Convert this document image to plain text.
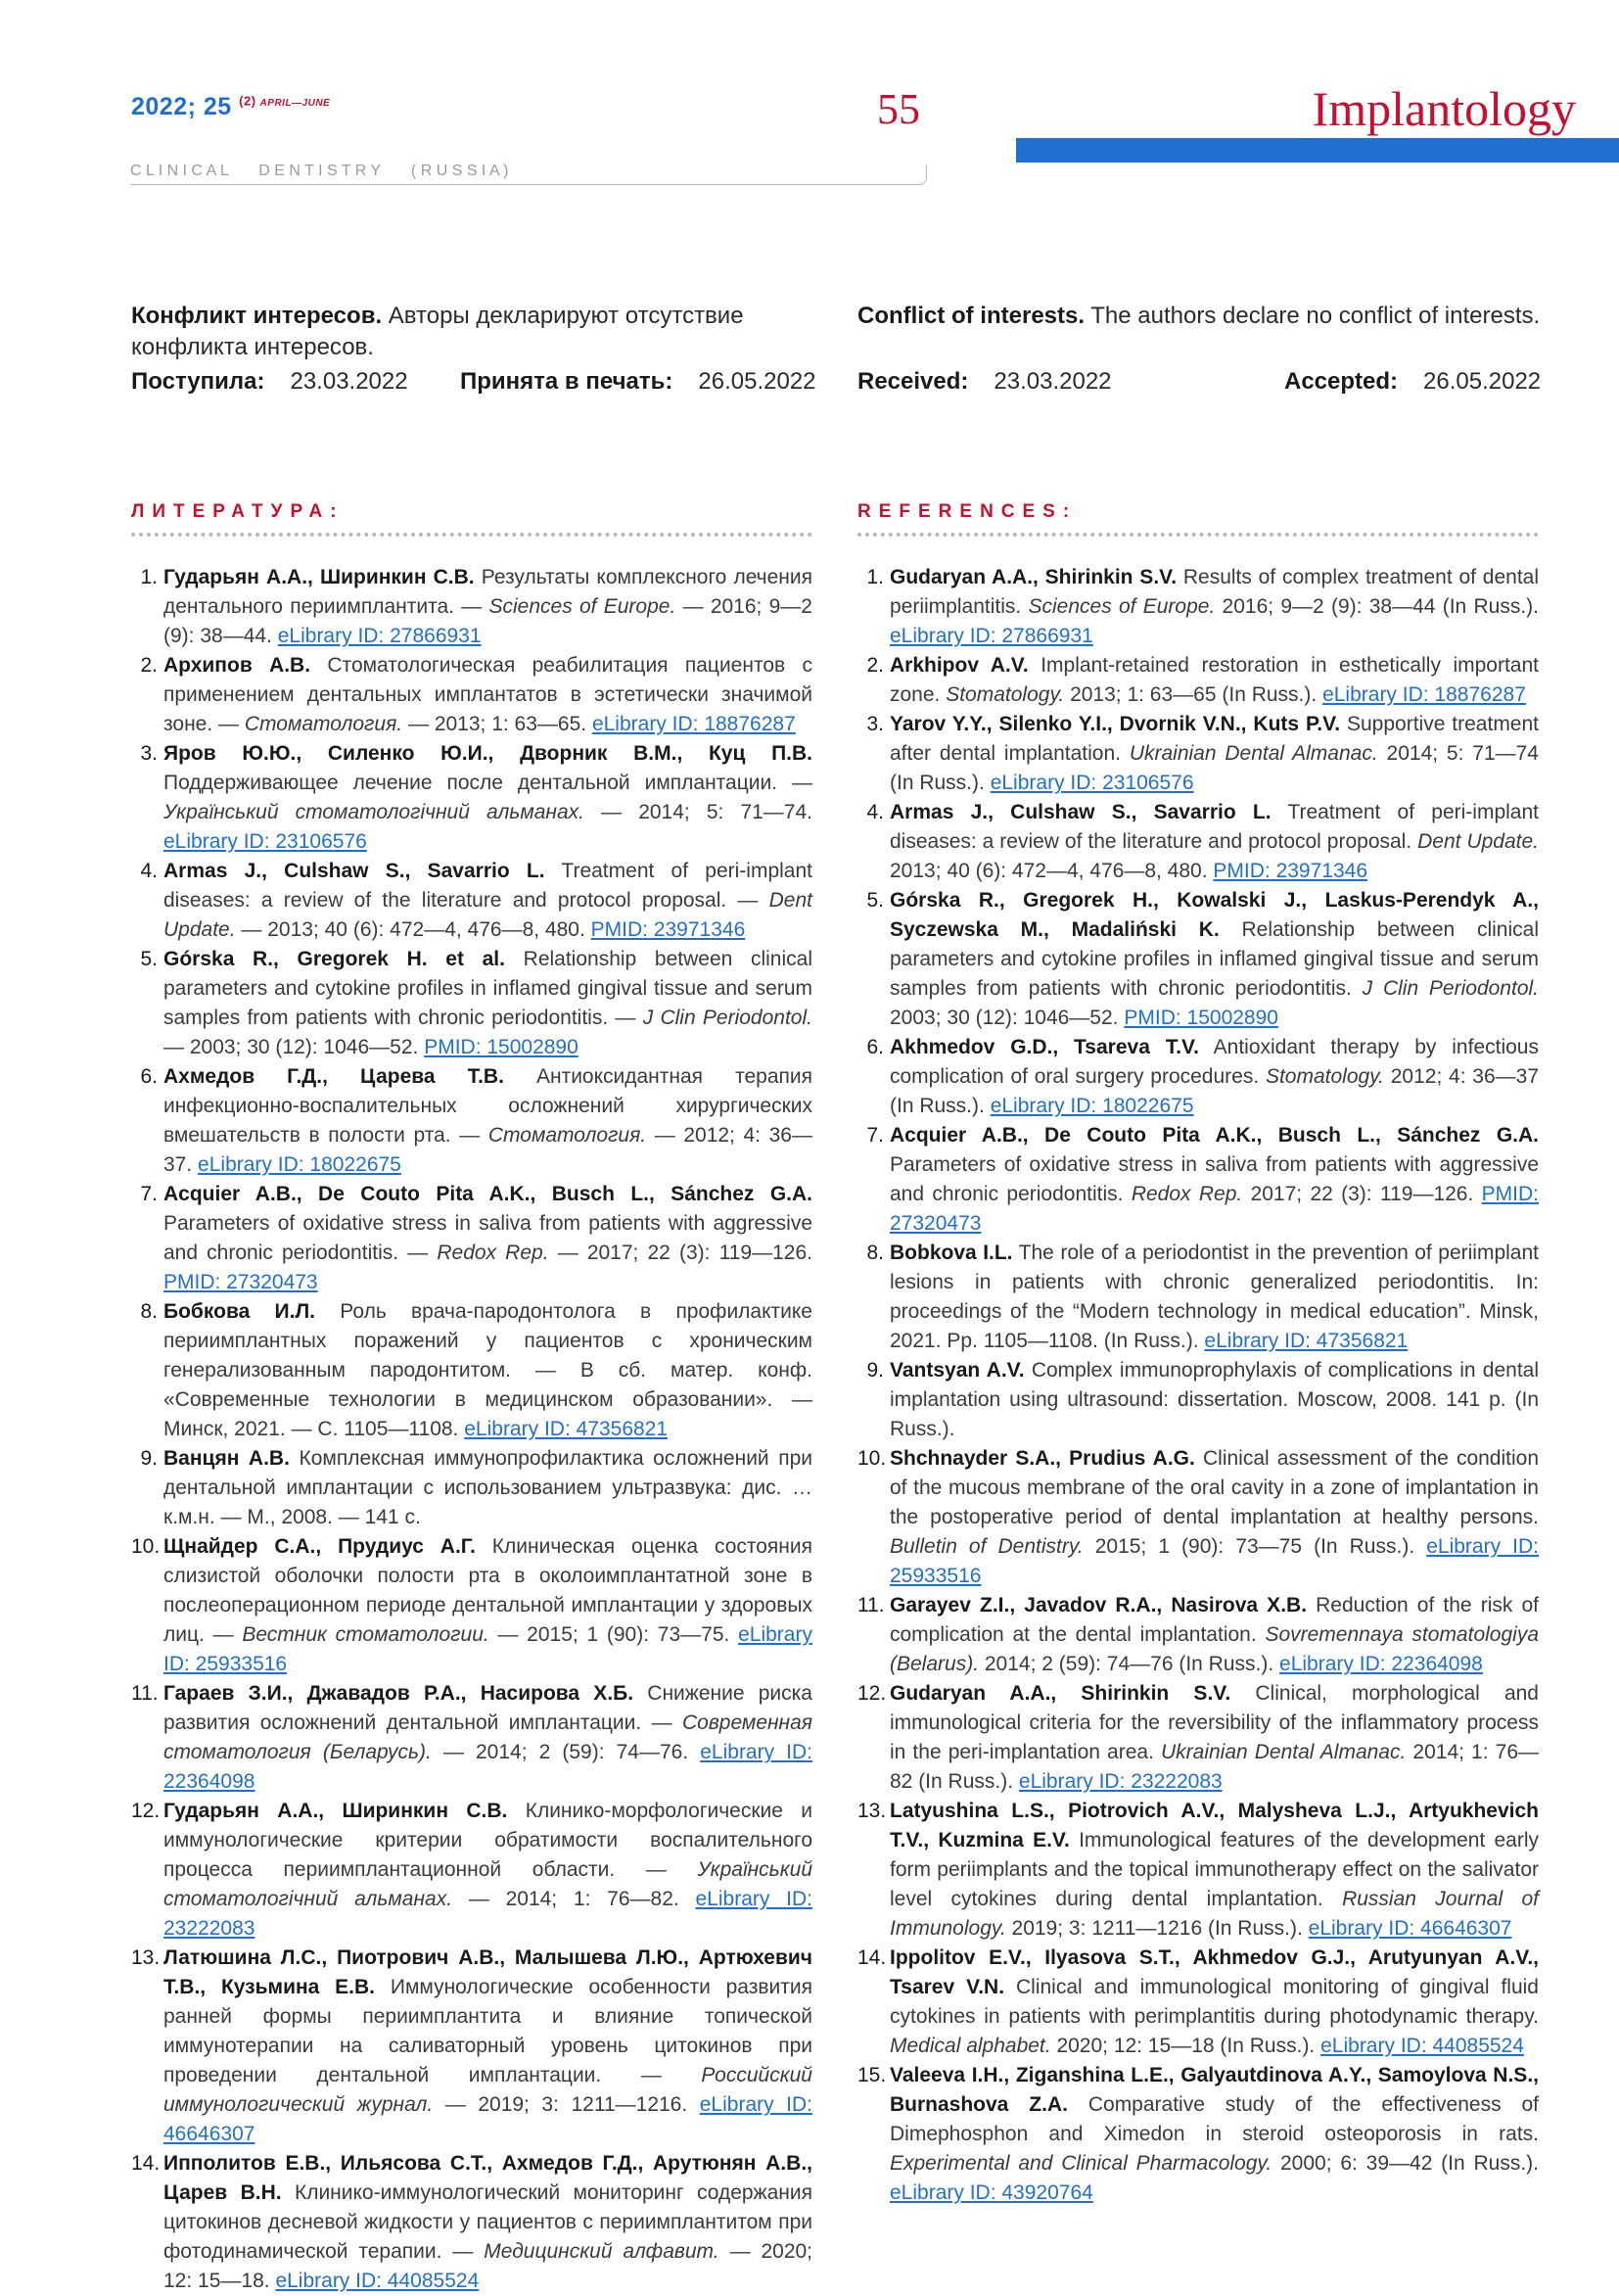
2022; 25 $^{(2)}$ $^{APRIL—JUNE}$	55	Implantology
C L I N I C A L       D E N T I S T R Y       ( R U S S I A )
Конфликт интересов. Авторы декларируют отсутствие конфликта интересов.
Conflict of interests. The authors declare no conflict of interests.
Поступила: 23.03.2022 Принята в печать: 26.05.2022 Received: 23.03.2022	Accepted: 26.05.2022
ЛИТЕРАТУРА:	REFERENCES:
1. Гударьян А.А., Ширинкин С.В. Результаты комплексного лечения дентального периимплантита. — Sciences of Europe. — 2016; 9—2 (9): 38—44. eLibrary ID: 27866931
2. Архипов А.В. Стоматологическая реабилитация пациентов с применением дентальных имплантатов в эстетически значимой зоне. — Стоматология. — 2013; 1: 63—65. eLibrary ID: 18876287
3. Яров Ю.Ю., Силенко Ю.И., Дворник В.М., Куц П.В. Поддерживающее лечение после дентальной имплантации. — Український стоматологічний альманах. — 2014; 5: 71—74. eLibrary ID: 23106576
4. Armas J., Culshaw S., Savarrio L. Treatment of peri-implant diseases: a review of the literature and protocol proposal. — Dent Update. — 2013; 40 (6): 472—4, 476—8, 480. PMID: 23971346
5. Górska R., Gregorek H. et al. Relationship between clinical parameters and cytokine profiles in inflamed gingival tissue and serum samples from patients with chronic periodontitis. — J Clin Periodontol. — 2003; 30 (12): 1046—52. PMID: 15002890
6. Ахмедов Г.Д., Царева Т.В. Антиоксидантная терапия инфекционно-воспалительных осложнений хирургических вмешательств в полости рта. — Стоматология. — 2012; 4: 36—37. eLibrary ID: 18022675
7. Acquier A.B., De Couto Pita A.K., Busch L., Sánchez G.A. Parameters of oxidative stress in saliva from patients with aggressive and chronic periodontitis. — Redox Rep. — 2017; 22 (3): 119—126. PMID: 27320473
8. Бобкова И.Л. Роль врача-пародонтолога в профилактике периимплантных поражений у пациентов с хроническим генерализованным пародонтитом. — В сб. матер. конф. «Современные технологии в медицинском образовании». — Минск, 2021. — С. 1105—1108. eLibrary ID: 47356821
9. Ванцян А.В. Комплексная иммунопрофилактика осложнений при дентальной имплантации с использованием ультразвука: дис. … к.м.н. — М., 2008. — 141 с.
10. Щнайдер С.А., Прудиус А.Г. Клиническая оценка состояния слизистой оболочки полости рта в околоимплантатной зоне в послеоперационном периоде дентальной имплантации у здоровых лиц. — Вестник стоматологии. — 2015; 1 (90): 73—75. eLibrary ID: 25933516
11. Гараев З.И., Джавадов Р.А., Насирова Х.Б. Снижение риска развития осложнений дентальной имплантации. — Современная стоматология (Беларусь). — 2014; 2 (59): 74—76. eLibrary ID: 22364098
12. Гударьян А.А., Ширинкин С.В. Клинико-морфологические и иммунологические критерии обратимости воспалительного процесса периимплантационной области. — Український стоматологічний альманах. — 2014; 1: 76—82. eLibrary ID: 23222083
13. Латюшина Л.С., Пиотрович А.В., Малышева Л.Ю., Артюхевич Т.В., Кузьмина Е.В. Иммунологические особенности развития ранней формы периимплантита и влияние топической иммунотерапии на саливаторный уровень цитокинов при проведении дентальной имплантации. — Российский иммунологический журнал. — 2019; 3: 1211—1216. eLibrary ID: 46646307
14. Ипполитов Е.В., Ильясова С.Т., Ахмедов Г.Д., Арутюнян А.В., Царев В.Н. Клинико-иммунологический мониторинг содержания цитокинов десневой жидкости у пациентов с периимплантитом при фотодинамической терапии. — Медицинский алфавит. — 2020; 12: 15—18. eLibrary ID: 44085524
1. Gudaryan A.A., Shirinkin S.V. Results of complex treatment of dental periimplantitis. Sciences of Europe. 2016; 9—2 (9): 38—44 (In Russ.). eLibrary ID: 27866931
2. Arkhipov A.V. Implant-retained restoration in esthetically important zone. Stomatology. 2013; 1: 63—65 (In Russ.). eLibrary ID: 18876287
3. Yarov Y.Y., Silenko Y.I., Dvornik V.N., Kuts P.V. Supportive treatment after dental implantation. Ukrainian Dental Almanac. 2014; 5: 71—74 (In Russ.). eLibrary ID: 23106576
4. Armas J., Culshaw S., Savarrio L. Treatment of peri-implant diseases: a review of the literature and protocol proposal. Dent Update. 2013; 40 (6): 472—4, 476—8, 480. PMID: 23971346
5. Górska R., Gregorek H., Kowalski J., Laskus-Perendyk A., Syczewska M., Madaliński K. Relationship between clinical parameters and cytokine profiles in inflamed gingival tissue and serum samples from patients with chronic periodontitis. J Clin Periodontol. 2003; 30 (12): 1046—52. PMID: 15002890
6. Akhmedov G.D., Tsareva T.V. Antioxidant therapy by infectious complication of oral surgery procedures. Stomatology. 2012; 4: 36—37 (In Russ.). eLibrary ID: 18022675
7. Acquier A.B., De Couto Pita A.K., Busch L., Sánchez G.A. Parameters of oxidative stress in saliva from patients with aggressive and chronic periodontitis. Redox Rep. 2017; 22 (3): 119—126. PMID: 27320473
8. Bobkova I.L. The role of a periodontist in the prevention of periimplant lesions in patients with chronic generalized periodontitis. In: proceedings of the “Modern technology in medical education”. Minsk, 2021. Pp. 1105—1108. (In Russ.). eLibrary ID: 47356821
9. Vantsyan A.V. Complex immunoprophylaxis of complications in dental implantation using ultrasound: dissertation. Moscow, 2008. 141 p. (In Russ.).
10. Shchnayder S.A., Prudius A.G. Clinical assessment of the condition of the mucous membrane of the oral cavity in a zone of implantation in the postoperative period of dental implantation at healthy persons. Bulletin of Dentistry. 2015; 1 (90): 73—75 (In Russ.). eLibrary ID: 25933516
11. Garayev Z.I., Javadov R.A., Nasirova X.B. Reduction of the risk of complication at the dental implantation. Sovremennaya stomatologiya (Belarus). 2014; 2 (59): 74—76 (In Russ.). eLibrary ID: 22364098
12. Gudaryan A.A., Shirinkin S.V. Clinical, morphological and immunological criteria for the reversibility of the inflammatory process in the peri-implantation area. Ukrainian Dental Almanac. 2014; 1: 76—82 (In Russ.). eLibrary ID: 23222083
13. Latyushina L.S., Piotrovich A.V., Malysheva L.J., Artyukhevich T.V., Kuzmina E.V. Immunological features of the development early form periimplants and the topical immunotherapy effect on the salivator level cytokines during dental implantation. Russian Journal of Immunology. 2019; 3: 1211—1216 (In Russ.). eLibrary ID: 46646307
14. Ippolitov E.V., Ilyasova S.T., Akhmedov G.J., Arutyunyan A.V., Tsarev V.N. Clinical and immunological monitoring of gingival fluid cytokines in patients with perimplantitis during photodynamic therapy. Medical alphabet. 2020; 12: 15—18 (In Russ.). eLibrary ID: 44085524
15. Valeeva I.H., Ziganshina L.E., Galyautdinova A.Y., Samoylova N.S., Burnashova Z.A. Comparative study of the effectiveness of Dimephosphon and Ximedon in steroid osteoporosis in rats. Experimental and Clinical Pharmacology. 2000; 6: 39—42 (In Russ.). eLibrary ID: 43920764
